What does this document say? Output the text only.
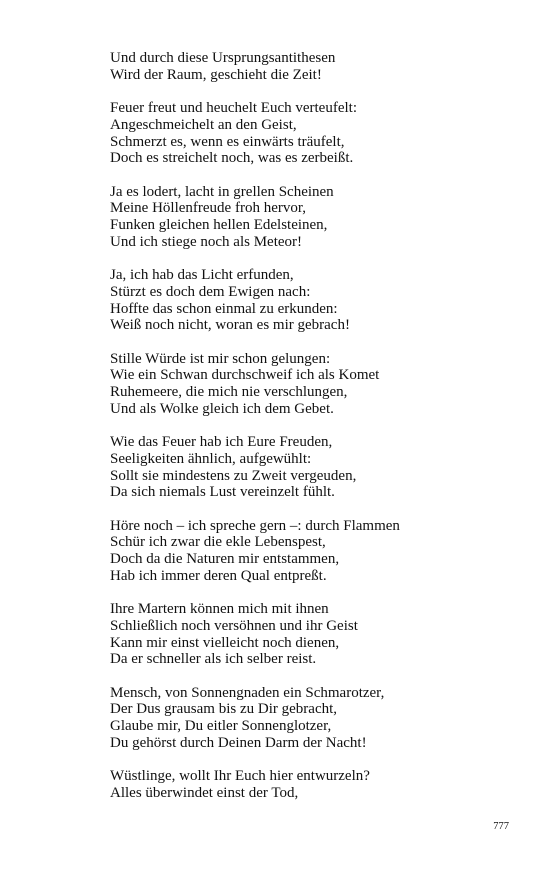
Und durch diese Ursprungsantithesen
Wird der Raum, geschieht die Zeit!
Feuer freut und heuchelt Euch verteufelt:
Angeschmeichelt an den Geist,
Schmerzt es, wenn es einwärts träufelt,
Doch es streichelt noch, was es zerbeißt.
Ja es lodert, lacht in grellen Scheinen
Meine Höllenfreude froh hervor,
Funken gleichen hellen Edelsteinen,
Und ich stiege noch als Meteor!
Ja, ich hab das Licht erfunden,
Stürzt es doch dem Ewigen nach:
Hoffte das schon einmal zu erkunden:
Weiß noch nicht, woran es mir gebrach!
Stille Würde ist mir schon gelungen:
Wie ein Schwan durchschweif ich als Komet
Ruhemeere, die mich nie verschlungen,
Und als Wolke gleich ich dem Gebet.
Wie das Feuer hab ich Eure Freuden,
Seeligkeiten ähnlich, aufgewühlt:
Sollt sie mindestens zu Zweit vergeuden,
Da sich niemals Lust vereinzelt fühlt.
Höre noch – ich spreche gern –: durch Flammen
Schür ich zwar die ekle Lebenspest,
Doch da die Naturen mir entstammen,
Hab ich immer deren Qual entpreßt.
Ihre Martern können mich mit ihnen
Schließlich noch versöhnen und ihr Geist
Kann mir einst vielleicht noch dienen,
Da er schneller als ich selber reist.
Mensch, von Sonnengnaden ein Schmarotzer,
Der Dus grausam bis zu Dir gebracht,
Glaube mir, Du eitler Sonnenglotzer,
Du gehörst durch Deinen Darm der Nacht!
Wüstlinge, wollt Ihr Euch hier entwurzeln?
Alles überwindet einst der Tod,
777
